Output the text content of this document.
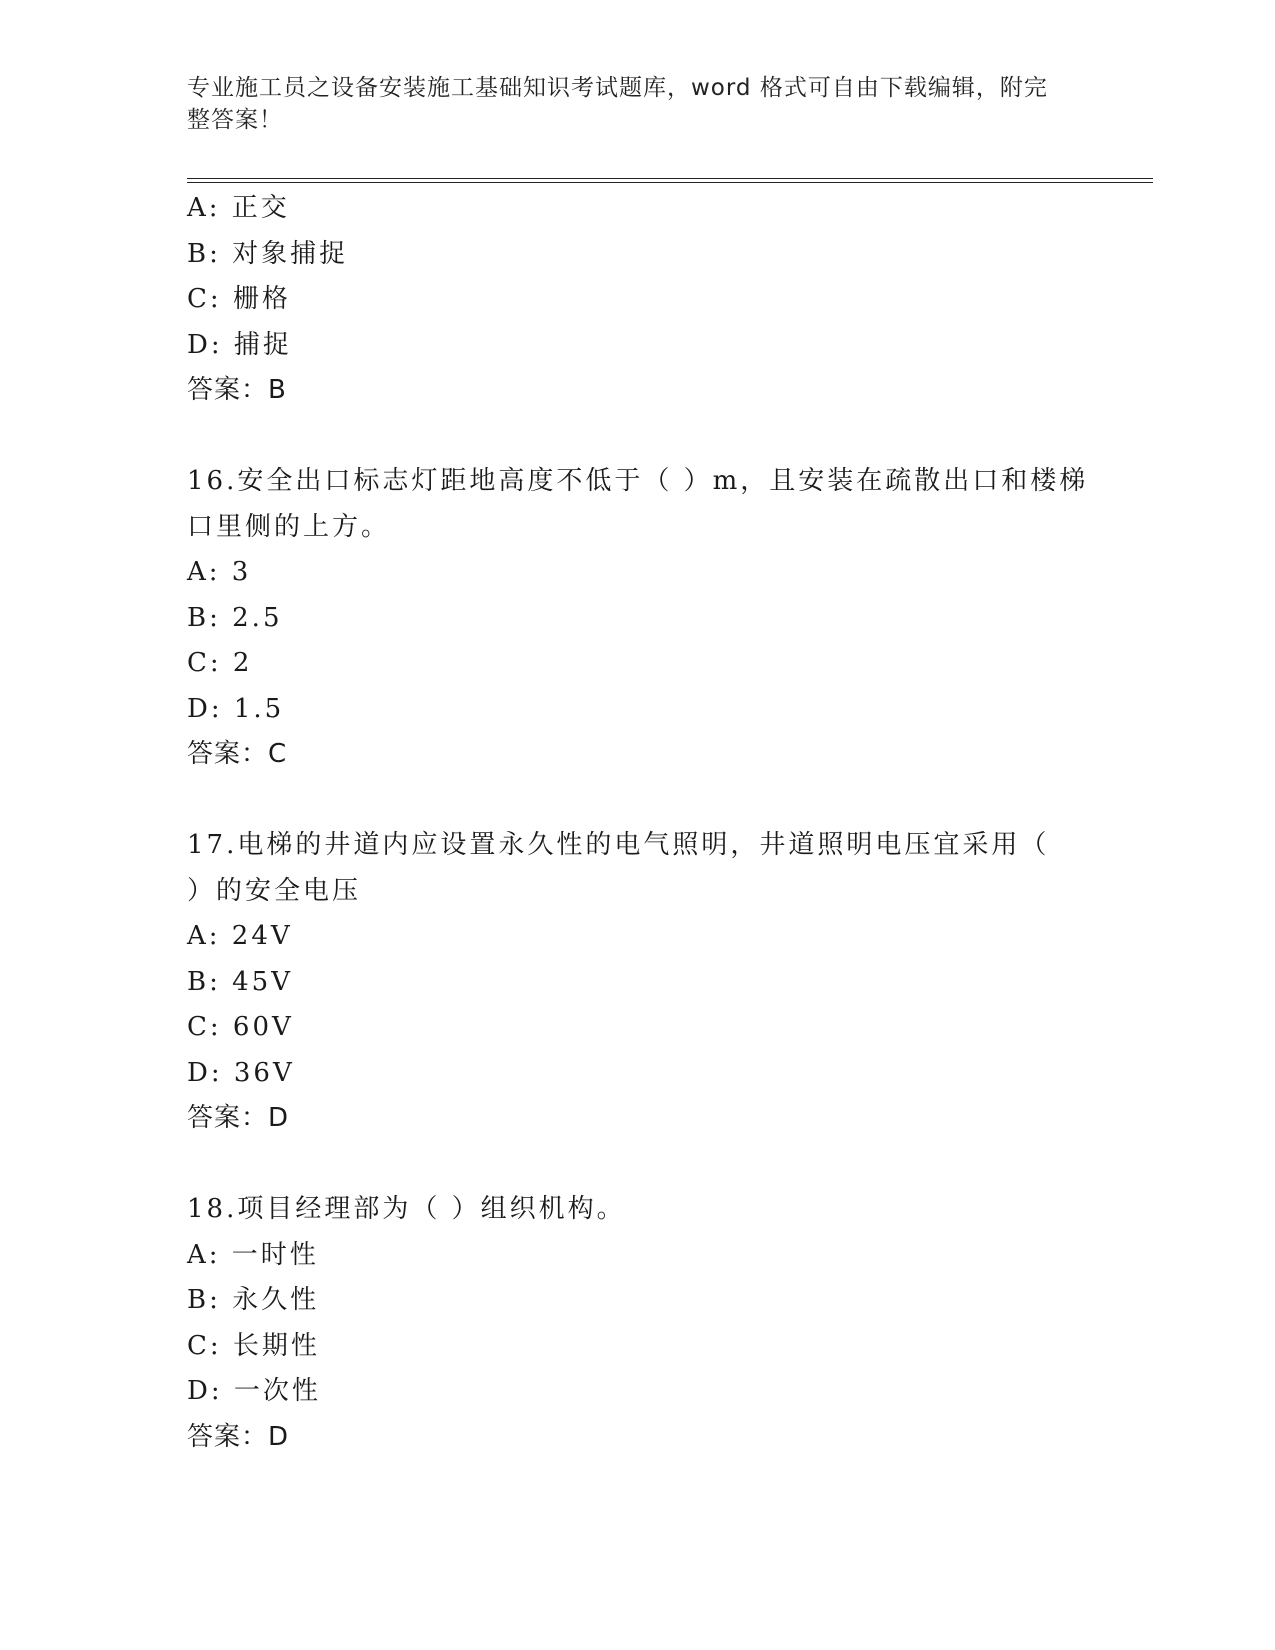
专业施工员之设备安装施工基础知识考试题库，word 格式可自由下载编辑，附完
整答案！
A: 正交
B: 对象捕捉
C: 栅格
D: 捕捉
答案：B
16.安全出口标志灯距地高度不低于（ ）m，且安装在疏散出口和楼梯
口里侧的上方。
A: 3
B: 2.5
C: 2
D: 1.5
答案：C
17.电梯的井道内应设置永久性的电气照明，井道照明电压宜采用（
）的安全电压
A: 24V
B: 45V
C: 60V
D: 36V
答案：D
18.项目经理部为（ ）组织机构。
A: 一时性
B: 永久性
C: 长期性
D: 一次性
答案：D
